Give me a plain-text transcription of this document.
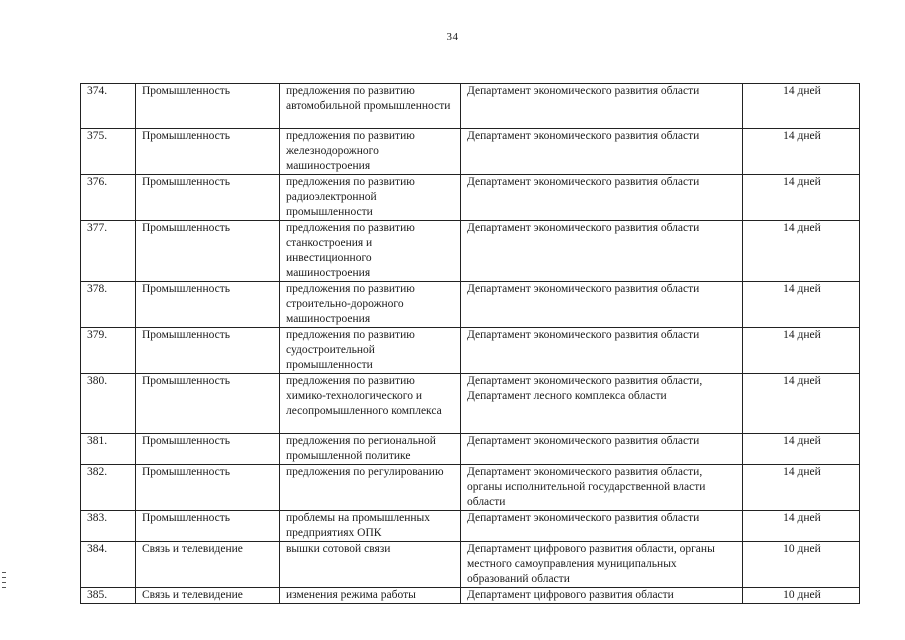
34
374.	Промышленность	предложения по развитию автомобильной промышленности	Департамент экономического развития области	14 дней
375.	Промышленность	предложения по развитию железнодорожного машиностроения	Департамент экономического развития области	14 дней
376.	Промышленность	предложения по развитию радиоэлектронной промышленности	Департамент экономического развития области	14 дней
377.	Промышленность	предложения по развитию станкостроения и инвестиционного машиностроения	Департамент экономического развития области	14 дней
378.	Промышленность	предложения по развитию строительно-дорожного машиностроения	Департамент экономического развития области	14 дней
379.	Промышленность	предложения по развитию судостроительной промышленности	Департамент экономического развития области	14 дней
380.	Промышленность	предложения по развитию химико-технологического и лесопромышленного комплекса	Департамент экономического развития области, Департамент лесного комплекса области	14 дней
381.	Промышленность	предложения по региональной промышленной политике	Департамент экономического развития области	14 дней
382.	Промышленность	предложения по регулированию	Департамент экономического развития области, органы исполнительной государственной власти области	14 дней
383.	Промышленность	проблемы на промышленных предприятиях ОПК	Департамент экономического развития области	14 дней
384.	Связь и телевидение	вышки сотовой связи	Департамент цифрового развития области, органы местного самоуправления муниципальных образований области	10 дней
385.	Связь и телевидение	изменения режима работы	Департамент цифрового развития области	10 дней
